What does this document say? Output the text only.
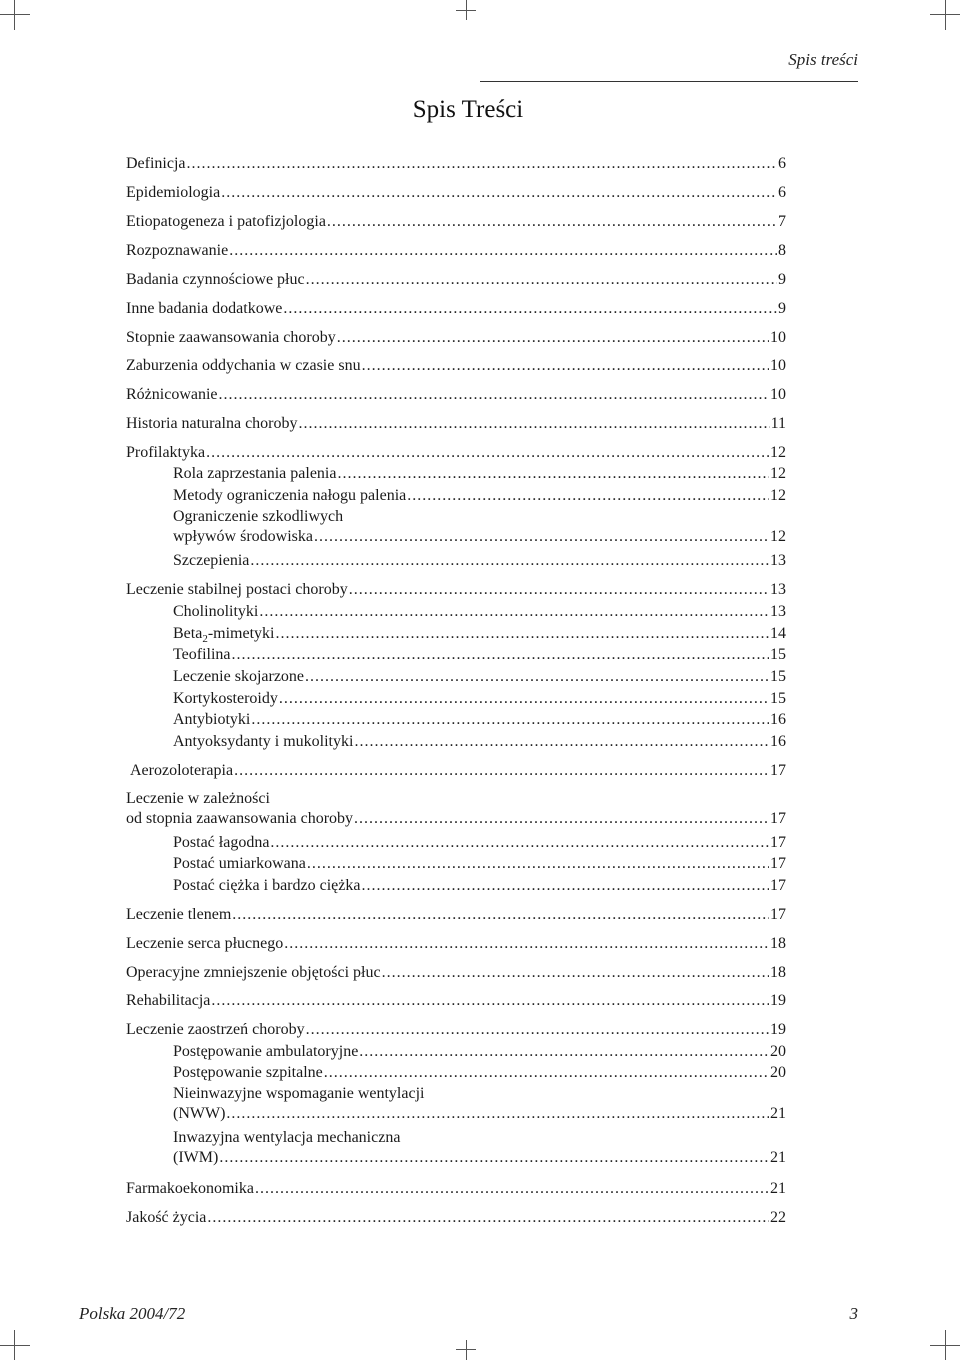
Spis treści
Spis Treści
Definicja .....	6
Epidemiologia .....	6
Etiopatogeneza i patofizjologia .....	7
Rozpoznawanie .....	8
Badania czynnościowe płuc .....	9
Inne badania dodatkowe .....	9
Stopnie zaawansowania choroby .....	10
Zaburzenia oddychania w czasie snu .....	10
Różnicowanie .....	10
Historia naturalna choroby .....	11
Profilaktyka .....	12
Rola zaprzestania palenia .....	12
Metody ograniczenia nałogu palenia .....	12
Ograniczenie szkodliwych
wpływów środowiska .....	12
Szczepienia .....	13
Leczenie stabilnej postaci choroby .....	13
Cholinolityki .....	13
Beta$_2$-mimetyki .....	14
Teofilina .....	15
Leczenie skojarzone .....	15
Kortykosteroidy .....	15
Antybiotyki .....	16
Antyoksydanty i mukolityki .....	16
Aerozoloterapia .....	17
Leczenie w zależności
od stopnia zaawansowania choroby .....	17
Postać łagodna .....	17
Postać umiarkowana .....	17
Postać ciężka i bardzo ciężka .....	17
Leczenie tlenem .....	17
Leczenie serca płucnego .....	18
Operacyjne zmniejszenie objętości płuc .....	18
Rehabilitacja .....	19
Leczenie zaostrzeń choroby .....	19
Postępowanie ambulatoryjne .....	20
Postępowanie szpitalne .....	20
Nieinwazyjne wspomaganie wentylacji
(NWW) .....	21
Inwazyjna wentylacja mechaniczna
(IWM) .....	21
Farmakoekonomika .....	21
Jakość życia .....	22
Polska 2004/72	3
